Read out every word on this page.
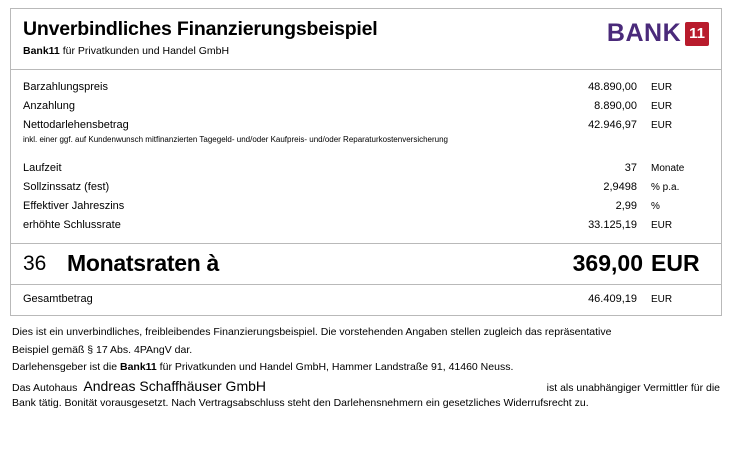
Unverbindliches Finanzierungsbeispiel
Bank11 für Privatkunden und Handel GmbH
BANK 11
Barzahlungspreis	48.890,00	EUR
Anzahlung	8.890,00	EUR
Nettodarlehensbetrag	42.946,97	EUR
inkl. einer ggf. auf Kundenwunsch mitfinanzierten Tagegeld- und/oder Kaufpreis- und/oder Reparaturkostenversicherung
Laufzeit	37	Monate
Sollzinssatz (fest)	2,9498	% p.a.
Effektiver Jahreszins	2,99	%
erhöhte Schlussrate	33.125,19	EUR
36 Monatsraten à	369,00 EUR
Gesamtbetrag	46.409,19	EUR

Dies ist ein unverbindliches, freibleibendes Finanzierungsbeispiel. Die vorstehenden Angaben stellen zugleich das repräsentative

Beispiel gemäß § 17 Abs. 4PAngV dar.

Darlehensgeber ist die Bank11 für Privatkunden und Handel GmbH, Hammer Landstraße 91, 41460 Neuss.

Das Autohaus Andreas Schaffhäuser GmbH	ist als unabhängiger Vermittler für die

Bank tätig. Bonität vorausgesetzt. Nach Vertragsabschluss steht den Darlehensnehmern ein gesetzliches Widerrufsrecht zu.
